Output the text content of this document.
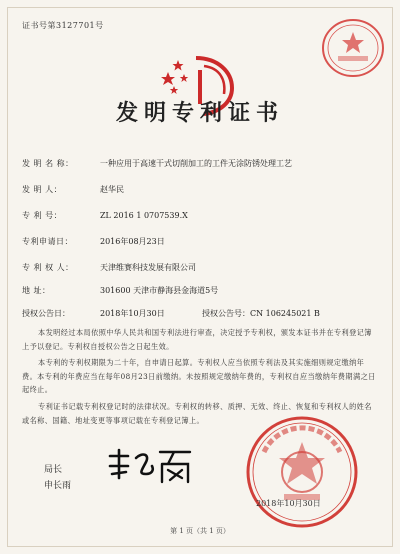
证书号第3127701号
发明专利证书
发 明 名 称：	一种应用于高速干式切削加工的工件无涂防锈处理工艺
发 明 人：	赵华民
专 利 号：	ZL 2016 1 0707539.X
专利申请日：	2016年08月23日
专 利 权 人：	天津维赛科技发展有限公司
地 址：	301600 天津市静海县金海道5号
授权公告日：	2018年10月30日	授权公告号：CN 106245021 B
本发明经过本局依照中华人民共和国专利法进行审查，决定授予专利权，颁发本证书并在专利登记簿上予以登记。专利权自授权公告之日起生效。
本专利的专利权期限为二十年，自申请日起算。专利权人应当依照专利法及其实施细则规定缴纳年费。本专利的年费应当在每年08月23日前缴纳。未按照规定缴纳年费的，专利权自应当缴纳年费期满之日起终止。
专利证书记载专利权登记时的法律状况。专利权的转移、质押、无效、终止、恢复和专利权人的姓名或名称、国籍、地址变更等事项记载在专利登记簿上。
局长
申长雨
2018年10月30日
第 1 页（共 1 页）
